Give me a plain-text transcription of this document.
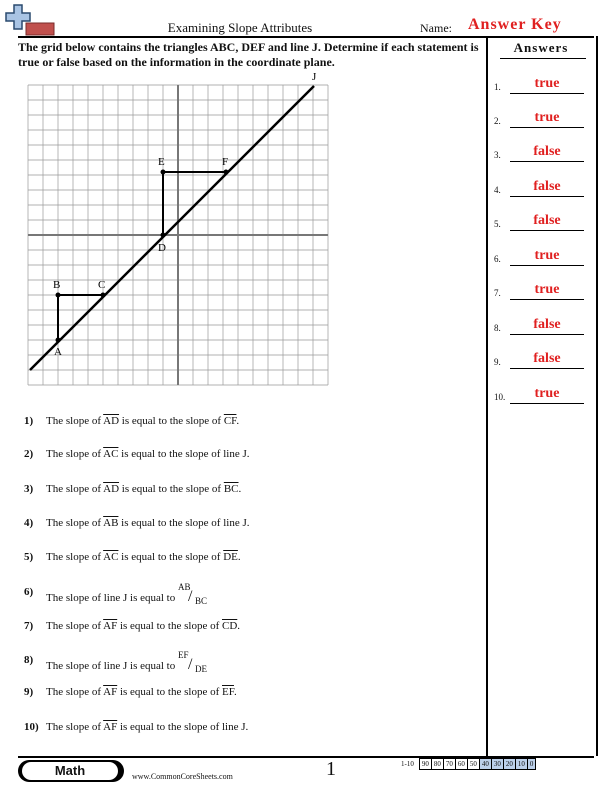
Examining Slope Attributes	Name: Answer Key
The grid below contains the triangles ABC, DEF and line J. Determine if each statement is true or false based on the information in the coordinate plane.
Answers
1.	true
2.	true
3.	false
4.	false
5.	false
6.	true
7.	true
8.	false
9.	false
10.	true
A
B	C
D
E	F
J
1) The slope of $\overline{AD}$ is equal to the slope of $\overline{CF}$.
2) The slope of $\overline{AC}$ is equal to the slope of line J.
3) The slope of $\overline{AD}$ is equal to the slope of $\overline{BC}$.
4) The slope of $\overline{AB}$ is equal to the slope of line J.
5) The slope of $\overline{AC}$ is equal to the slope of $\overline{DE}$.
6) The slope of line J is equal to
AB
/ BC
7) The slope of $\overline{AF}$ is equal to the slope of $\overline{CD}$.
8) The slope of line J is equal to
EF
/ DE
9) The slope of $\overline{AF}$ is equal to the slope of $\overline{EF}$.
10) The slope of $\overline{AF}$ is equal to the slope of line J.
Math	www.CommonCoreSheets.com	1	1-10 90 80 70 60 50 40 30 20 10 0
